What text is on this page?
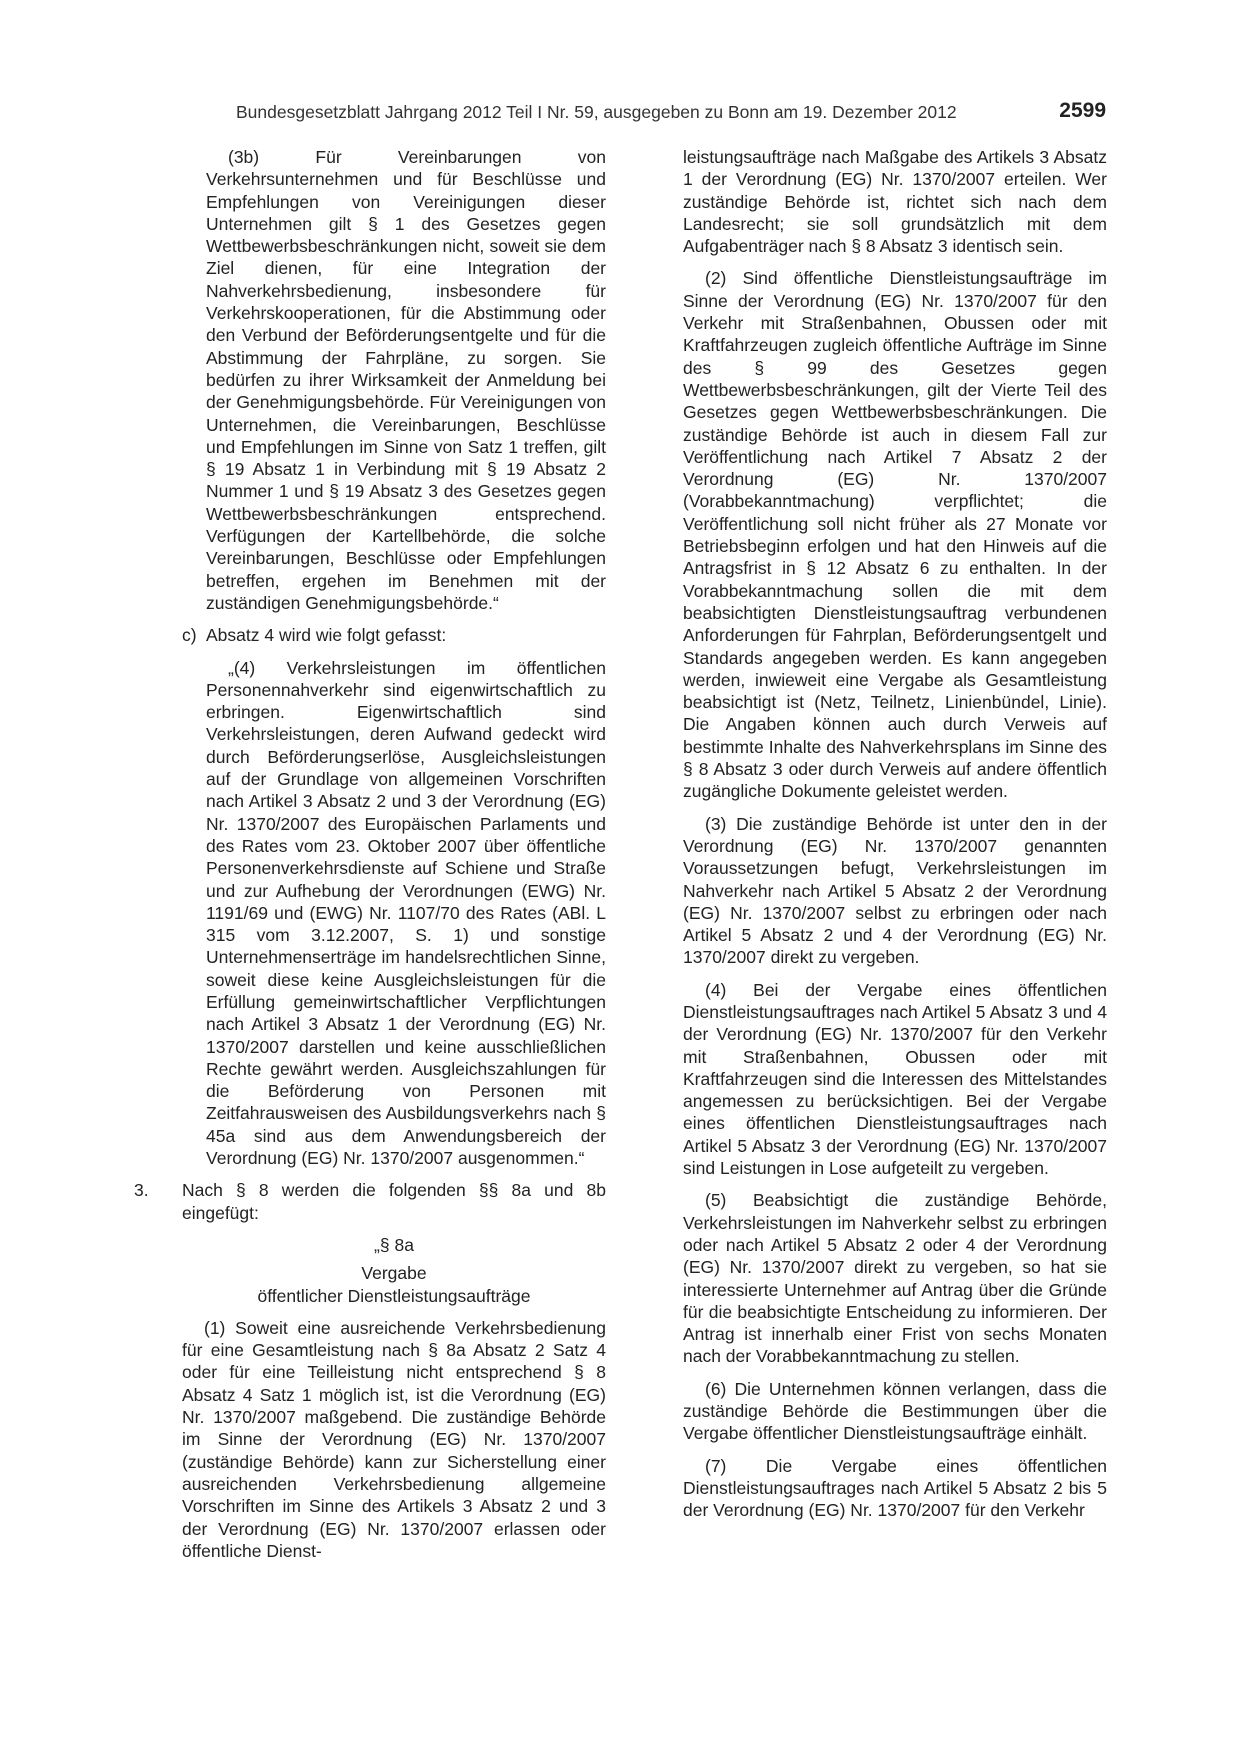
Bundesgesetzblatt Jahrgang 2012 Teil I Nr. 59, ausgegeben zu Bonn am 19. Dezember 2012	2599

(3b) Für Vereinbarungen von Verkehrsunternehmen und für Beschlüsse und Empfehlungen von Vereinigungen dieser Unternehmen gilt § 1 des Gesetzes gegen Wettbewerbsbeschränkungen nicht, soweit sie dem Ziel dienen, für eine Integration der Nahverkehrsbedienung, insbesondere für Verkehrskooperationen, für die Abstimmung oder den Verbund der Beförderungsentgelte und für die Abstimmung der Fahrpläne, zu sorgen. Sie bedürfen zu ihrer Wirksamkeit der Anmeldung bei der Genehmigungsbehörde. Für Vereinigungen von Unternehmen, die Vereinbarungen, Beschlüsse und Empfehlungen im Sinne von Satz 1 treffen, gilt § 19 Absatz 1 in Verbindung mit § 19 Absatz 2 Nummer 1 und § 19 Absatz 3 des Gesetzes gegen Wettbewerbsbeschränkungen entsprechend. Verfügungen der Kartellbehörde, die solche Vereinbarungen, Beschlüsse oder Empfehlungen betreffen, ergehen im Benehmen mit der zuständigen Genehmigungsbehörde.“

c) Absatz 4 wird wie folgt gefasst:

„(4) Verkehrsleistungen im öffentlichen Personennahverkehr sind eigenwirtschaftlich zu erbringen. Eigenwirtschaftlich sind Verkehrsleistungen, deren Aufwand gedeckt wird durch Beförderungserlöse, Ausgleichsleistungen auf der Grundlage von allgemeinen Vorschriften nach Artikel 3 Absatz 2 und 3 der Verordnung (EG) Nr. 1370/2007 des Europäischen Parlaments und des Rates vom 23. Oktober 2007 über öffentliche Personenverkehrsdienste auf Schiene und Straße und zur Aufhebung der Verordnungen (EWG) Nr. 1191/69 und (EWG) Nr. 1107/70 des Rates (ABl. L 315 vom 3.12.2007, S. 1) und sonstige Unternehmenserträge im handelsrechtlichen Sinne, soweit diese keine Ausgleichsleistungen für die Erfüllung gemeinwirtschaftlicher Verpflichtungen nach Artikel 3 Absatz 1 der Verordnung (EG) Nr. 1370/2007 darstellen und keine ausschließlichen Rechte gewährt werden. Ausgleichszahlungen für die Beförderung von Personen mit Zeitfahrausweisen des Ausbildungsverkehrs nach § 45a sind aus dem Anwendungsbereich der Verordnung (EG) Nr. 1370/2007 ausgenommen.“

3. Nach § 8 werden die folgenden §§ 8a und 8b eingefügt:

„§ 8a

Vergabe
öffentlicher Dienstleistungsaufträge

(1) Soweit eine ausreichende Verkehrsbedienung für eine Gesamtleistung nach § 8a Absatz 2 Satz 4 oder für eine Teilleistung nicht entsprechend § 8 Absatz 4 Satz 1 möglich ist, ist die Verordnung (EG) Nr. 1370/2007 maßgebend. Die zuständige Behörde im Sinne der Verordnung (EG) Nr. 1370/2007 (zuständige Behörde) kann zur Sicherstellung einer ausreichenden Verkehrsbedienung allgemeine Vorschriften im Sinne des Artikels 3 Absatz 2 und 3 der Verordnung (EG) Nr. 1370/2007 erlassen oder öffentliche Dienst-

leistungsaufträge nach Maßgabe des Artikels 3 Absatz 1 der Verordnung (EG) Nr. 1370/2007 erteilen. Wer zuständige Behörde ist, richtet sich nach dem Landesrecht; sie soll grundsätzlich mit dem Aufgabenträger nach § 8 Absatz 3 identisch sein.

(2) Sind öffentliche Dienstleistungsaufträge im Sinne der Verordnung (EG) Nr. 1370/2007 für den Verkehr mit Straßenbahnen, Obussen oder mit Kraftfahrzeugen zugleich öffentliche Aufträge im Sinne des § 99 des Gesetzes gegen Wettbewerbsbeschränkungen, gilt der Vierte Teil des Gesetzes gegen Wettbewerbsbeschränkungen. Die zuständige Behörde ist auch in diesem Fall zur Veröffentlichung nach Artikel 7 Absatz 2 der Verordnung (EG) Nr. 1370/2007 (Vorabbekanntmachung) verpflichtet; die Veröffentlichung soll nicht früher als 27 Monate vor Betriebsbeginn erfolgen und hat den Hinweis auf die Antragsfrist in § 12 Absatz 6 zu enthalten. In der Vorabbekanntmachung sollen die mit dem beabsichtigten Dienstleistungsauftrag verbundenen Anforderungen für Fahrplan, Beförderungsentgelt und Standards angegeben werden. Es kann angegeben werden, inwieweit eine Vergabe als Gesamtleistung beabsichtigt ist (Netz, Teilnetz, Linienbündel, Linie). Die Angaben können auch durch Verweis auf bestimmte Inhalte des Nahverkehrsplans im Sinne des § 8 Absatz 3 oder durch Verweis auf andere öffentlich zugängliche Dokumente geleistet werden.

(3) Die zuständige Behörde ist unter den in der Verordnung (EG) Nr. 1370/2007 genannten Voraussetzungen befugt, Verkehrsleistungen im Nahverkehr nach Artikel 5 Absatz 2 der Verordnung (EG) Nr. 1370/2007 selbst zu erbringen oder nach Artikel 5 Absatz 2 und 4 der Verordnung (EG) Nr. 1370/2007 direkt zu vergeben.

(4) Bei der Vergabe eines öffentlichen Dienstleistungsauftrages nach Artikel 5 Absatz 3 und 4 der Verordnung (EG) Nr. 1370/2007 für den Verkehr mit Straßenbahnen, Obussen oder mit Kraftfahrzeugen sind die Interessen des Mittelstandes angemessen zu berücksichtigen. Bei der Vergabe eines öffentlichen Dienstleistungsauftrages nach Artikel 5 Absatz 3 der Verordnung (EG) Nr. 1370/2007 sind Leistungen in Lose aufgeteilt zu vergeben.

(5) Beabsichtigt die zuständige Behörde, Verkehrsleistungen im Nahverkehr selbst zu erbringen oder nach Artikel 5 Absatz 2 oder 4 der Verordnung (EG) Nr. 1370/2007 direkt zu vergeben, so hat sie interessierte Unternehmer auf Antrag über die Gründe für die beabsichtigte Entscheidung zu informieren. Der Antrag ist innerhalb einer Frist von sechs Monaten nach der Vorabbekanntmachung zu stellen.

(6) Die Unternehmen können verlangen, dass die zuständige Behörde die Bestimmungen über die Vergabe öffentlicher Dienstleistungsaufträge einhält.

(7) Die Vergabe eines öffentlichen Dienstleistungsauftrages nach Artikel 5 Absatz 2 bis 5 der Verordnung (EG) Nr. 1370/2007 für den Verkehr
